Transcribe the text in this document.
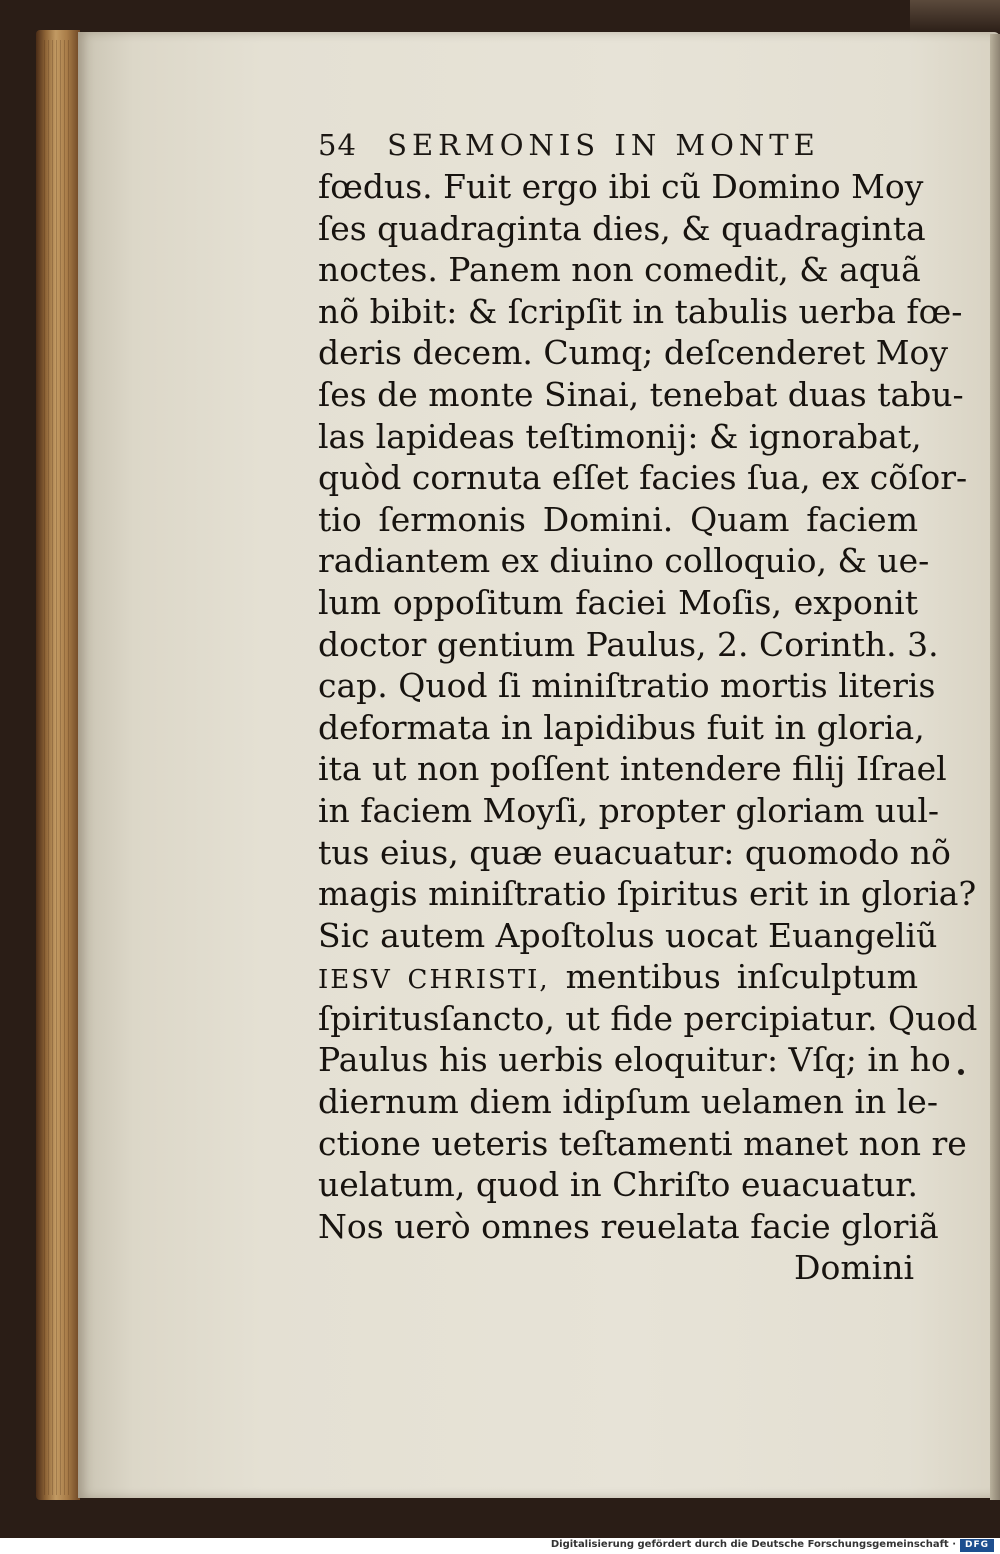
54 SERMONIS IN MONTE
fœdus. Fuit ergo ibi cũ Domino Moy
ſes quadraginta dies, & quadraginta
noctes. Panem non comedit, & aquã
nõ bibit: & ſcripſit in tabulis uerba fœ-
deris decem. Cumq; deſcenderet Moy
ſes de monte Sinai, tenebat duas tabu-
las lapideas teſtimonij: & ignorabat,
quòd cornuta eſſet facies ſua, ex cõſor-
tio ſermonis Domini. Quam faciem
radiantem ex diuino colloquio, & ue-
lum oppoſitum faciei Moſis, exponit
doctor gentium Paulus, 2. Corinth. 3.
cap. Quod ſi miniſtratio mortis literis
deformata in lapidibus fuit in gloria,
ita ut non poſſent intendere filij Iſrael
in faciem Moyſi, propter gloriam uul-
tus eius, quæ euacuatur: quomodo nõ
magis miniſtratio ſpiritus erit in gloria?
Sic autem Apoſtolus uocat Euangeliũ
IESV CHRISTI, mentibus inſculptum
ſpiritusſancto, ut fide percipiatur. Quod
Paulus his uerbis eloquitur: Vſq; in ho
diernum diem idipſum uelamen in le-
ctione ueteris teſtamenti manet non re
uelatum, quod in Chriſto euacuatur.
Nos uerò omnes reuelata facie gloriã
Domini
Digitalisierung gefördert durch die Deutsche Forschungsgemeinschaft · DFG
